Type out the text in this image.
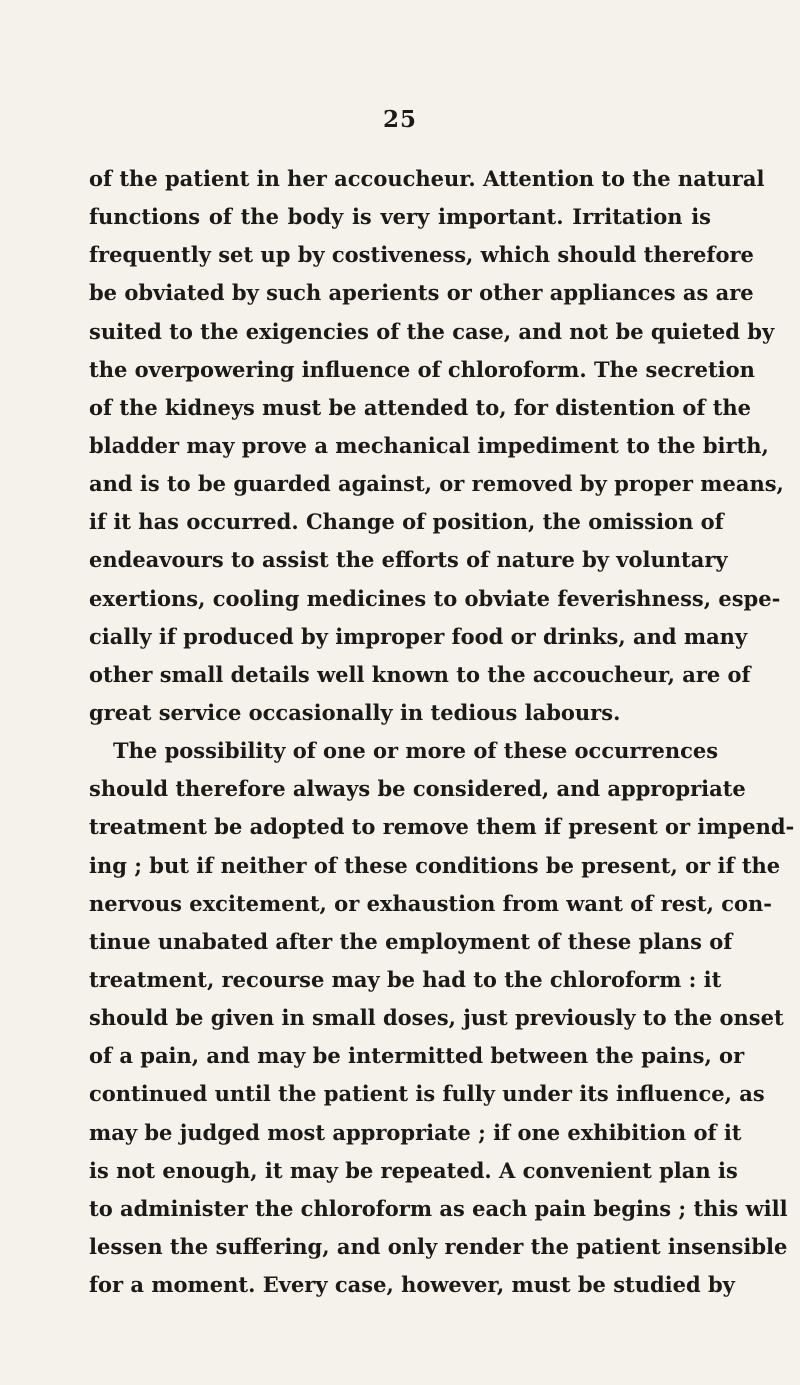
25
of the patient in her accoucheur. Attention to the natural
functions of the body is very important. Irritation is
frequently set up by costiveness, which should therefore
be obviated by such aperients or other appliances as are
suited to the exigencies of the case, and not be quieted by
the overpowering influence of chloroform. The secretion
of the kidneys must be attended to, for distention of the
bladder may prove a mechanical impediment to the birth,
and is to be guarded against, or removed by proper means,
if it has occurred. Change of position, the omission of
endeavours to assist the efforts of nature by voluntary
exertions, cooling medicines to obviate feverishness, espe-
cially if produced by improper food or drinks, and many
other small details well known to the accoucheur, are of
great service occasionally in tedious labours.
The possibility of one or more of these occurrences
should therefore always be considered, and appropriate
treatment be adopted to remove them if present or impend-
ing ; but if neither of these conditions be present, or if the
nervous excitement, or exhaustion from want of rest, con-
tinue unabated after the employment of these plans of
treatment, recourse may be had to the chloroform : it
should be given in small doses, just previously to the onset
of a pain, and may be intermitted between the pains, or
continued until the patient is fully under its influence, as
may be judged most appropriate ; if one exhibition of it
is not enough, it may be repeated. A convenient plan is
to administer the chloroform as each pain begins ; this will
lessen the suffering, and only render the patient insensible
for a moment. Every case, however, must be studied by
